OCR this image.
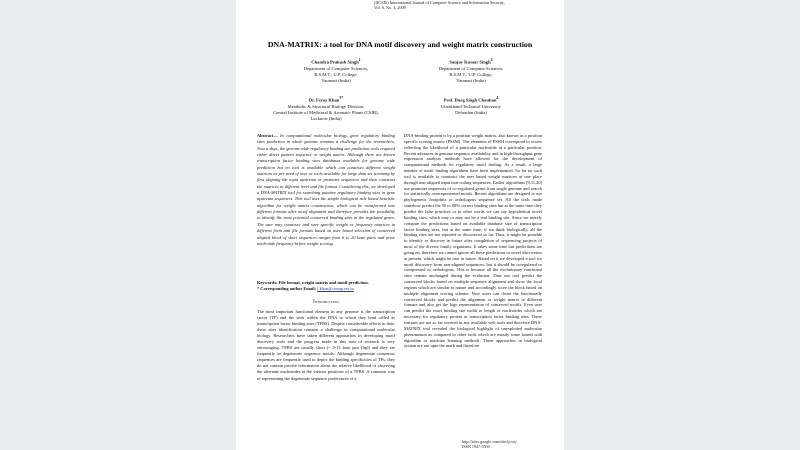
(IJCSIS) International Journal of Computer Science and Information Security,
Vol. 6, No. 3, 2009
DNA-MATRIX: a tool for DNA motif discovery and weight matrix construction
Chandra Prakash Singh$^1$
Department of Computer Sciences,
R.S.M.T., U.P. College,
Varanasi (India)
Sanjay Kumar Singh$^2$
Department of Computer Sciences,
R.S.M.T., U.P. College,
Varanasi (India)
Dr. Feroz Khan$^{3*}$
Metabolic & Structural Biology Division,
Central Institute of Medicinal & Aromatic Plants (CSIR),
Lucknow (India)
Prof. Durg Singh Chauhan$^4$
Uttrakhand Technical University
Dehradun (India)
Abstract— In computational molecular biology, gene regulatory binding sites prediction in whole genome remains a challenge for the researchers. Now a days, the genome wide regulatory binding site prediction tools required either direct pattern sequence or weight matrix. Although there are known transcription factor binding sites databases available for genome wide prediction but no tool is available which can construct different weight matrices as per need of user or tools available for large data set scanning by first aligning the input upstream or promoter sequences and than construct the matrices in different level and file format. Considering this, we developed a DNA-MATRIX tool for searching putative regulatory binding sites in gene upstream sequences. This tool uses the simple biological rule based heuristic algorithm for weight matrix construction, which can be transformed into different formats after motif alignment and therefore provides the possibility to identify the most potential conserved binding sites in the regulated genes. The user may construct and save specific weight or frequency matrices in different form and file formats based on user based selection of conserved aligned block of short sequences ranges from 6 to 20 base pairs and prior nucleotide frequency before weight scoring.
Keywords: File format, weight matrix and motif prediction.
* Corresponding author Email: f.khan@cimap.res.in
Introduction
The most important functional element in any genome is the transcription factor (TF) and the sites within the DNA to which they bind called as transcription factor binding sites (TFBS). Despite considerable efforts to date, these sites identification remains a challenge in computational molecular biology. Researchers have taken different approaches in developing motif discovery tools and the progress made in this area of research is very encouraging. TFBS are usually short (~ 5-15 base pair [bp]) and they are frequently in degenerate sequence motifs. Although degenerate consensus sequences are frequently used to depict the binding specificities of TFs, they do not contain precise information about the relative likelihood of observing the alternate nucleotides at the various positions of a TFBS. A common way of representing the degenerate sequence preferences of a
DNA-binding protein is by a position weight matrix, also known as a position specific scoring matrix (PSSM). The elements of PSSM correspond to scores reflecting the likelihood of a particular nucleotide at a particular position. Recent advances in genome sequence availability and in high-throughput gene expression analysis methods have allowed for the development of computational methods for regulatory motif finding. As a result, a large number of motif finding algorithms have been implemented. So far no such tool is available to construct the user based weight matrices at one place through non-aligned input non-coding sequences. Earlier algorithms [9,11,20] use promoter sequences of co-regulated genes from single genome and search for statistically overrepresented motifs. Recent algorithms are designed to use phylogenetic footprints or orthologous sequence set. All the tools made somehow predict the 50 to 80% correct binding sites but at the same time they predict the false positives or in other words we can say hypothetical novel binding sites, which may or may not be a real binding site. Since we merely compare the predictions based on available database size of transcription factor binding sites, but at the same time, if we think biologically, all the binding sites are not reported or discovered so far. Thus, it might be possible to identify or discover in future after completion of sequencing projects of most of the diverse family organisms. It takes some time but predictions are going on, therefore we cannot ignore all these predictions or novel discoveries at present, which might be true in future. Based on it we developed a tool for motif discovery from non-aligned sequences, but it should be coregulated or coexpressed or orthologous. This is because all the evolutionary functional sites remain unchanged during the evolution. Thus our tool predict the conserved blocks based on multiple sequence alignment and show the local regions which are similar in nature and accordingly score the block based on multiple alignment scoring scheme. Now users can chose the functionally conserved blocks and predict the alignment or weight matrix in different formats and also get the logo representation of conserved motifs. Even user can predict the exact binding site width or length of nucleotides which are necessary for regulatory protein or transcription factor binding sites. These features are not so far covered in any available web tools and therefore DNA-MATRIX tool revealed the biological highlight of unexploited molecular phenomenon as compared to other tools which are mostly some bound with algorithm or machine learning methods. These approaches in biological system are not upto the mark and therefore
http://sites.google.com/site/ijcsis/
ISSN 1947-5500
